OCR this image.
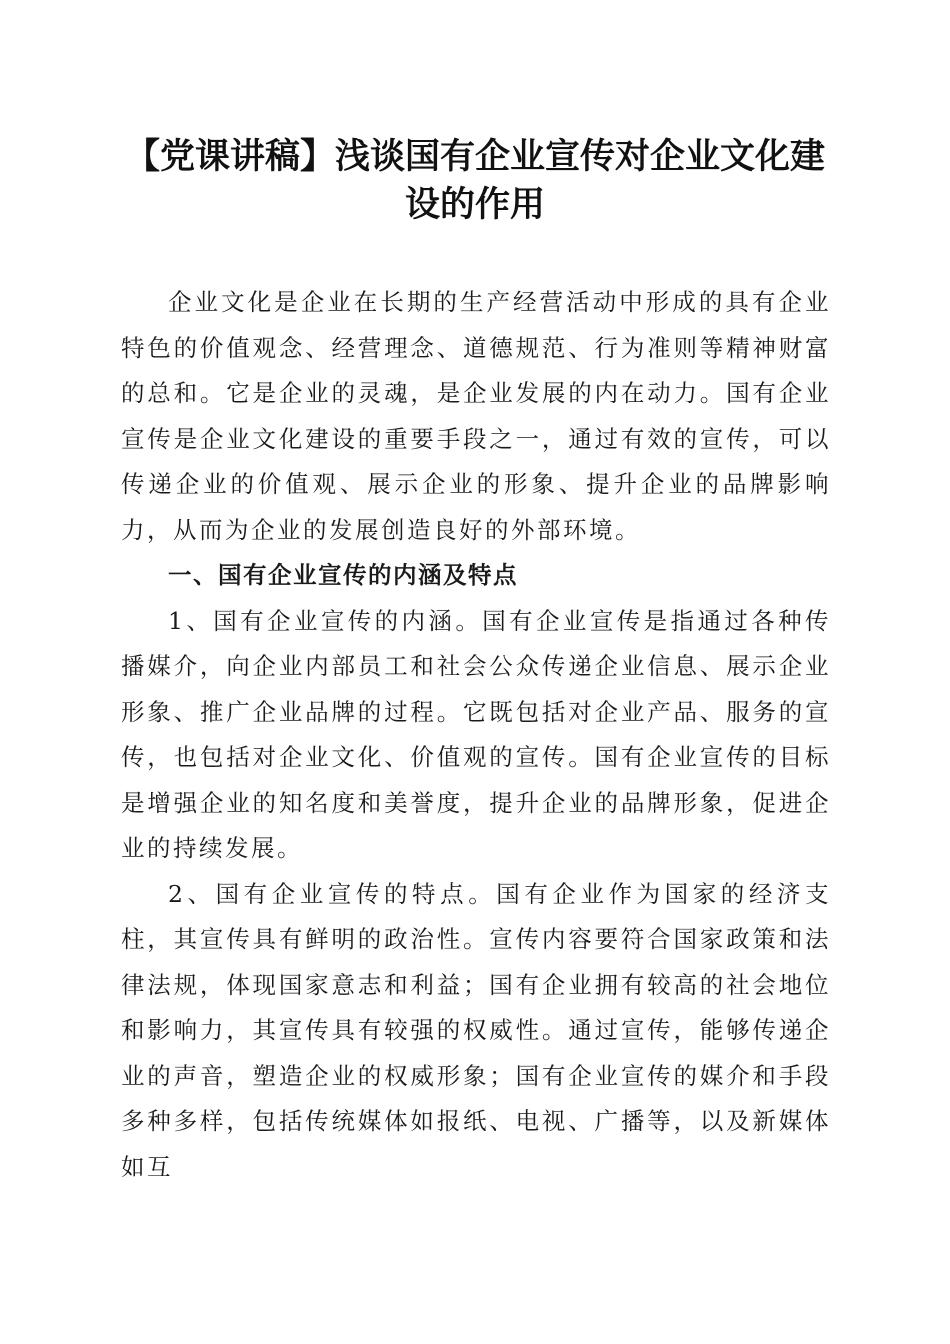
【党课讲稿】浅谈国有企业宣传对企业文化建设的作用

企业文化是企业在长期的生产经营活动中形成的具有企业特色的价值观念、经营理念、道德规范、行为准则等精神财富的总和。它是企业的灵魂，是企业发展的内在动力。国有企业宣传是企业文化建设的重要手段之一，通过有效的宣传，可以传递企业的价值观、展示企业的形象、提升企业的品牌影响力，从而为企业的发展创造良好的外部环境。

一、国有企业宣传的内涵及特点

1、国有企业宣传的内涵。国有企业宣传是指通过各种传播媒介，向企业内部员工和社会公众传递企业信息、展示企业形象、推广企业品牌的过程。它既包括对企业产品、服务的宣传，也包括对企业文化、价值观的宣传。国有企业宣传的目标是增强企业的知名度和美誉度，提升企业的品牌形象，促进企业的持续发展。

2、国有企业宣传的特点。国有企业作为国家的经济支柱，其宣传具有鲜明的政治性。宣传内容要符合国家政策和法律法规，体现国家意志和利益；国有企业拥有较高的社会地位和影响力，其宣传具有较强的权威性。通过宣传，能够传递企业的声音，塑造企业的权威形象；国有企业宣传的媒介和手段多种多样，包括传统媒体如报纸、电视、广播等，以及新媒体如互
